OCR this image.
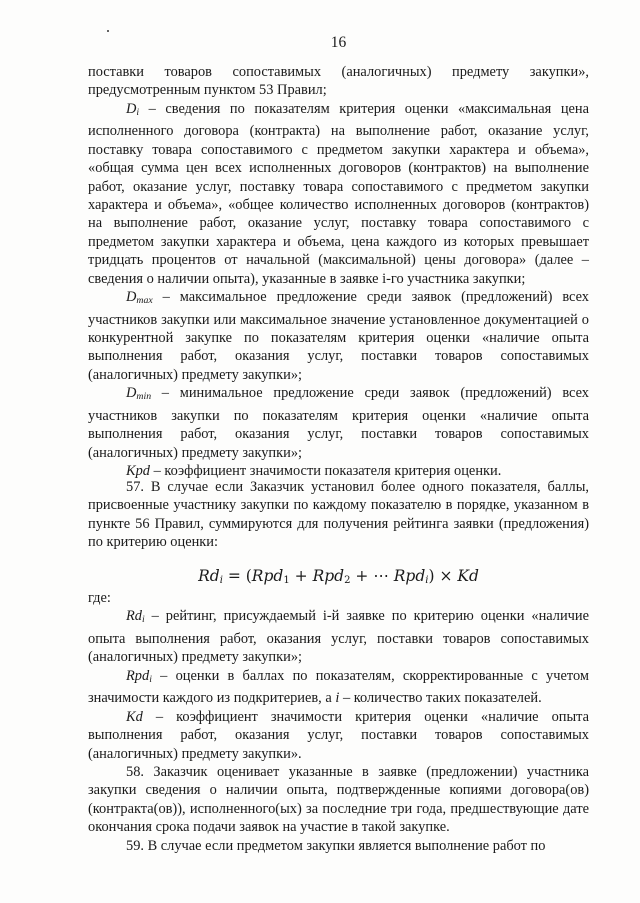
16

поставки товаров сопоставимых (аналогичных) предмету закупки», предусмотренным пунктом 53 Правил;

$D_i$ – сведения по показателям критерия оценки «максимальная цена исполненного договора (контракта) на выполнение работ, оказание услуг, поставку товара сопоставимого с предметом закупки характера и объема», «общая сумма цен всех исполненных договоров (контрактов) на выполнение работ, оказание услуг, поставку товара сопоставимого с предметом закупки характера и объема», «общее количество исполненных договоров (контрактов) на выполнение работ, оказание услуг, поставку товара сопоставимого с предметом закупки характера и объема, цена каждого из которых превышает тридцать процентов от начальной (максимальной) цены договора» (далее – сведения о наличии опыта), указанные в заявке i-го участника закупки;

$D_{max}$ – максимальное предложение среди заявок (предложений) всех участников закупки или максимальное значение установленное документацией о конкурентной закупке по показателям критерия оценки «наличие опыта выполнения работ, оказания услуг, поставки товаров сопоставимых (аналогичных) предмету закупки»;

$D_{min}$ – минимальное предложение среди заявок (предложений) всех участников закупки по показателям критерия оценки «наличие опыта выполнения работ, оказания услуг, поставки товаров сопоставимых (аналогичных) предмету закупки»;

Kpd – коэффициент значимости показателя критерия оценки.

57. В случае если Заказчик установил более одного показателя, баллы, присвоенные участнику закупки по каждому показателю в порядке, указанном в пункте 56 Правил, суммируются для получения рейтинга заявки (предложения) по критерию оценки:

$Rd_i = (Rpd_1 + Rpd_2$ + ⋯ Rpd$_i$) × Kd

где:

$Rd_i$ – рейтинг, присуждаемый i-й заявке по критерию оценки «наличие опыта выполнения работ, оказания услуг, поставки товаров сопоставимых (аналогичных) предмету закупки»;

Rpd$_i$ – оценки в баллах по показателям, скорректированные с учетом значимости каждого из подкритериев, а i – количество таких показателей.

Kd – коэффициент значимости критерия оценки «наличие опыта выполнения работ, оказания услуг, поставки товаров сопоставимых (аналогичных) предмету закупки».

58. Заказчик оценивает указанные в заявке (предложении) участника закупки сведения о наличии опыта, подтвержденные копиями договора(ов) (контракта(ов)), исполненного(ых) за последние три года, предшествующие дате окончания срока подачи заявок на участие в такой закупке.

59. В случае если предметом закупки является выполнение работ по
